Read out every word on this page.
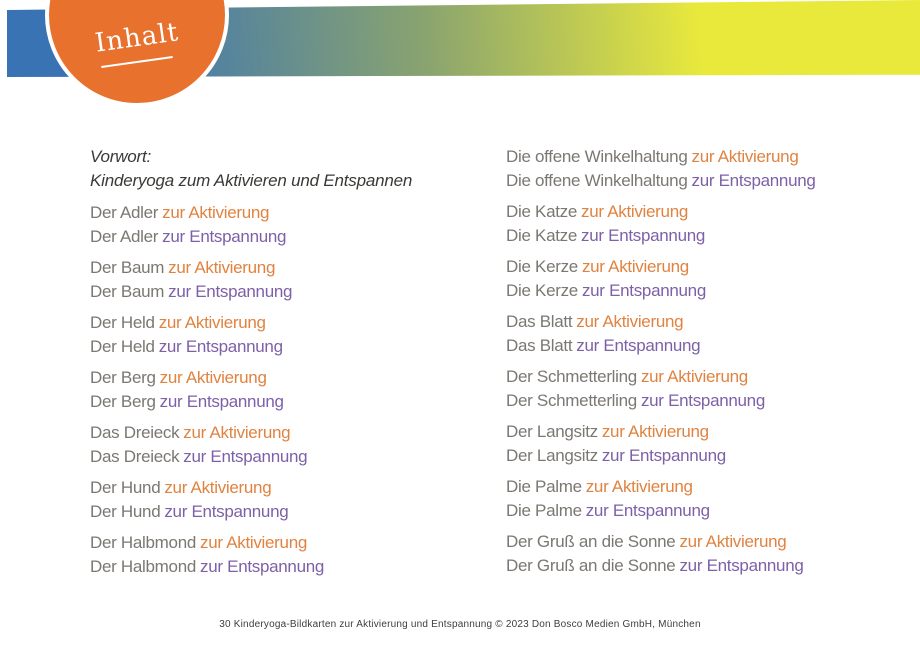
Inhalt
Vorwort:
Kinderyoga zum Aktivieren und Entspannen
Der Adler zur Aktivierung
Der Adler zur Entspannung
Der Baum zur Aktivierung
Der Baum zur Entspannung
Der Held zur Aktivierung
Der Held zur Entspannung
Der Berg zur Aktivierung
Der Berg zur Entspannung
Das Dreieck zur Aktivierung
Das Dreieck zur Entspannung
Der Hund zur Aktivierung
Der Hund zur Entspannung
Der Halbmond zur Aktivierung
Der Halbmond zur Entspannung
Die offene Winkelhaltung zur Aktivierung
Die offene Winkelhaltung zur Entspannung
Die Katze zur Aktivierung
Die Katze zur Entspannung
Die Kerze zur Aktivierung
Die Kerze zur Entspannung
Das Blatt zur Aktivierung
Das Blatt zur Entspannung
Der Schmetterling zur Aktivierung
Der Schmetterling zur Entspannung
Der Langsitz zur Aktivierung
Der Langsitz zur Entspannung
Die Palme zur Aktivierung
Die Palme zur Entspannung
Der Gruß an die Sonne zur Aktivierung
Der Gruß an die Sonne zur Entspannung
30 Kinderyoga-Bildkarten zur Aktivierung und Entspannung © 2023 Don Bosco Medien GmbH, München
